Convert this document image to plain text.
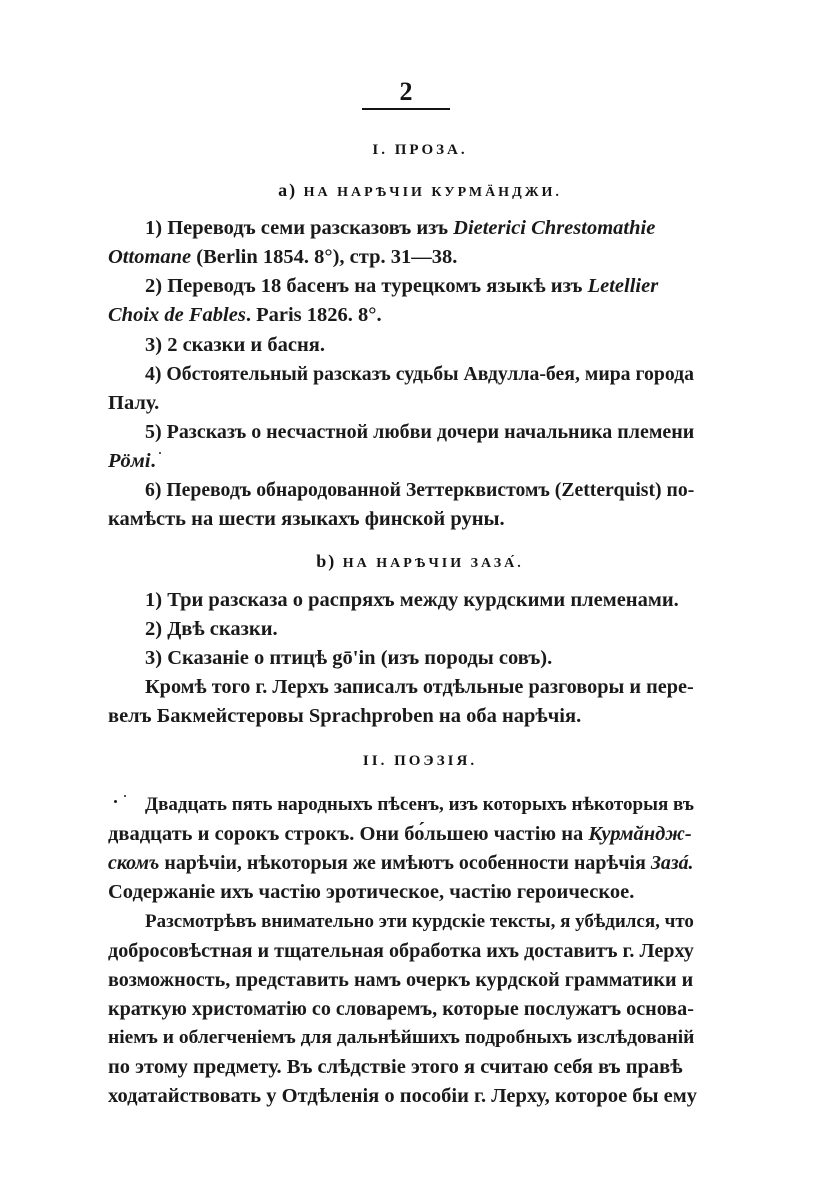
2
I. ПРОЗА.
a) НА НАРѢЧІИ КУРМӒНДЖИ.
1) Переводъ семи разсказовъ изъ Dieterici Chrestomathie
Ottomane (Berlin 1854. 8°), стр. 31—38.
2) Переводъ 18 басенъ на турецкомъ языкѣ изъ Letellier
Choix de Fables. Paris 1826. 8°.
3) 2 сказки и басня.
4) Обстоятельный разсказъ судьбы Авдулла-бея, мира города
Палу.
5) Разсказъ о несчастной любви дочери начальника племени
Рӧмі.
6) Переводъ обнародованной Зеттерквистомъ (Zetterquist) по-
камѣсть на шести языкахъ финской руны.
b) НА НАРѢЧІИ ЗАЗА́.
1) Три разсказа о распряхъ между курдскими племенами.
2) Двѣ сказки.
3) Сказаніе о птицѣ gō'in (изъ породы совъ).
Кромѣ того г. Лерхъ записалъ отдѣльные разговоры и пере-
велъ Бакмейстеровы Sprachproben на оба нарѣчія.
II. ПОЭЗІЯ.
Двадцать пять народныхъ пѣсенъ, изъ которыхъ нѣкоторыя въ
двадцать и сорокъ строкъ. Они бо́льшею частію на Курмӑндж-
скомъ нарѣчіи, нѣкоторыя же имѣютъ особенности нарѣчія Зазá.
Содержаніе ихъ частію эротическое, частію героическое.
Разсмотрѣвъ внимательно эти курдскіе тексты, я убѣдился, что
добросовѣстная и тщательная обработка ихъ доставитъ г. Лерху
возможность, представить намъ очеркъ курдской грамматики и
краткую христоматію со словаремъ, которые послужатъ основа-
ніемъ и облегченіемъ для дальнѣйшихъ подробныхъ изслѣдованій
по этому предмету. Въ слѣдствіе этого я считаю себя въ правѣ
ходатайствовать у Отдѣленія о пособіи г. Лерху, которое бы ему
